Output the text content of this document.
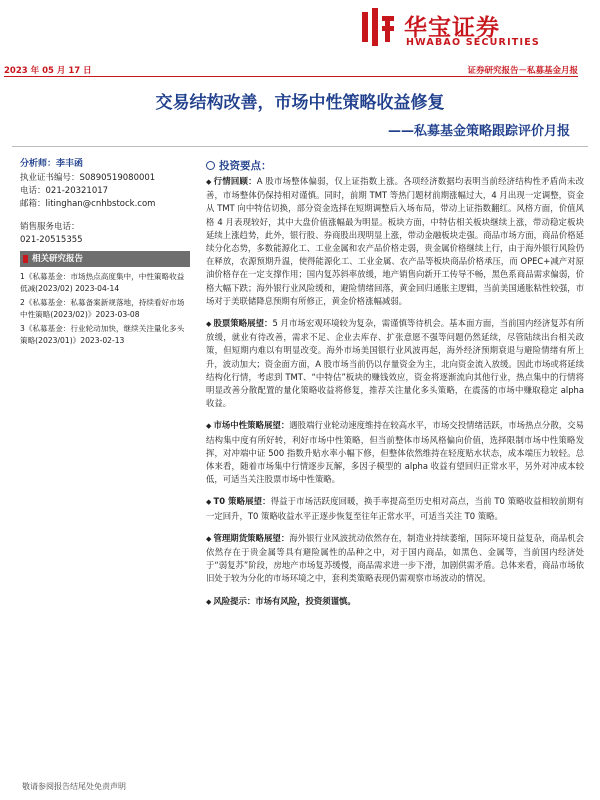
华宝证券
HWABAO SECURITIES
2023 年 05 月 17 日	证券研究报告－私募基金月报
交易结构改善，市场中性策略收益修复
——私募基金策略跟踪评价月报
分析师：李丰函
执业证书编号：S0890519080001
电话：021-20321017
邮箱：litinghan@cnhbstock.com
销售服务电话：
021-20515355
相关研究报告
1《私募基金：市场热点高度集中，中性策略收益低减(2023/02) 2023-04-14
2《私募基金：私募备案新规落地，持续看好市场中性策略(2023/02)》2023-03-08
3《私募基金：行业轮动加快，继续关注量化多头策略(2023/01)》2023-02-13
投资要点：
◆ 行情回顾：A 股市场整体偏弱，仅上证指数上涨。各项经济数据均表明当前经济结构性矛盾尚未改善，市场整体仍保持相对谨慎。同时，前期 TMT 等热门题材前期涨幅过大，4 月出现一定调整，资金从 TMT 向中特估切换，部分资金选择在短期调整后入场布局，带动上证指数翻红。风格方面，价值风格 4 月表现较好，其中大盘价值涨幅最为明显。板块方面，中特估相关板块继续上涨，带动稳定板块延续上涨趋势，此外，银行股、券商股出现明显上涨，带动金融板块走强。商品市场方面，商品价格延续分化态势，多数能源化工、工业金属和农产品价格走弱，贵金属价格继续上行，由于海外银行风险仍在释放，农源预期升温，使得能源化工、工业金属、农产品等板块商品价格承压，而 OPEC+减产对原油价格存在一定支撑作用；国内复苏斜率放缓，地产销售向新开工传导不畅，黑色系商品需求偏弱，价格大幅下跌；海外银行业风险缓和，避险情绪回落，黄金回归通胀主逻辑，当前美国通胀粘性较强，市场对于美联储降息预期有所修正，黄金价格涨幅减弱。
◆ 股票策略展望：5 月市场宏观环境较为复杂，需谨慎等待机会。基本面方面，当前国内经济复苏有所放缓，就业有待改善，需求不足、企业去库存、扩张意愿不强等问题仍然延续，尽管陆续出台相关政策，但短期内难以有明显改变。海外市场美国银行业风波再起，海外经济预期衰退与避险情绪有所上升，波动加大；资金面方面，A 股市场当前仍以存量资金为主，北向资金流入放缓。因此市场或将延续结构化行情，考虑到 TMT、“中特估”板块的赚钱效应，资金将逐渐流向其他行业，热点集中的行情将明显改善分散配置的量化策略收益将修复，推荐关注量化多头策略，在震荡的市场中赚取稳定 alpha 收益。
◆ 市场中性策略展望：遇股端行业轮动速度维持在较高水平，市场交投情绪活跃，市场热点分散，交易结构集中度有所好转，利好市场中性策略，但当前整体市场风格偏向价值，选择限制市场中性策略发挥，对冲端中证 500 指数升贴水率小幅下修，但整体依然维持在轻度贴水状态，成本端压力较轻。总体来看，随着市场集中行情逐步瓦解，多因子模型的 alpha 收益有望回归正常水平，另外对冲成本较低，可适当关注股票市场中性策略。
◆ T0 策略展望：得益于市场活跃度回暖，换手率提高至历史相对高点，当前 T0 策略收益相较前期有一定回升，T0 策略收益水平正逐步恢复至往年正常水平，可适当关注 T0 策略。
◆ 管理期货策略展望：海外银行业风波扰动依然存在，制造业持续萎缩，国际环境日益复杂，商品机会依然存在于贵金属等具有避险属性的品种之中，对于国内商品，如黑色、金属等，当前国内经济处于“弱复苏”阶段，房地产市场复苏缓慢，商品需求进一步下滑，加剧供需矛盾。总体来看，商品市场依旧处于较为分化的市场环境之中，套利类策略表现仍需观察市场波动的情况。
◆ 风险提示：市场有风险，投资须谨慎。
敬请参阅报告结尾处免责声明
